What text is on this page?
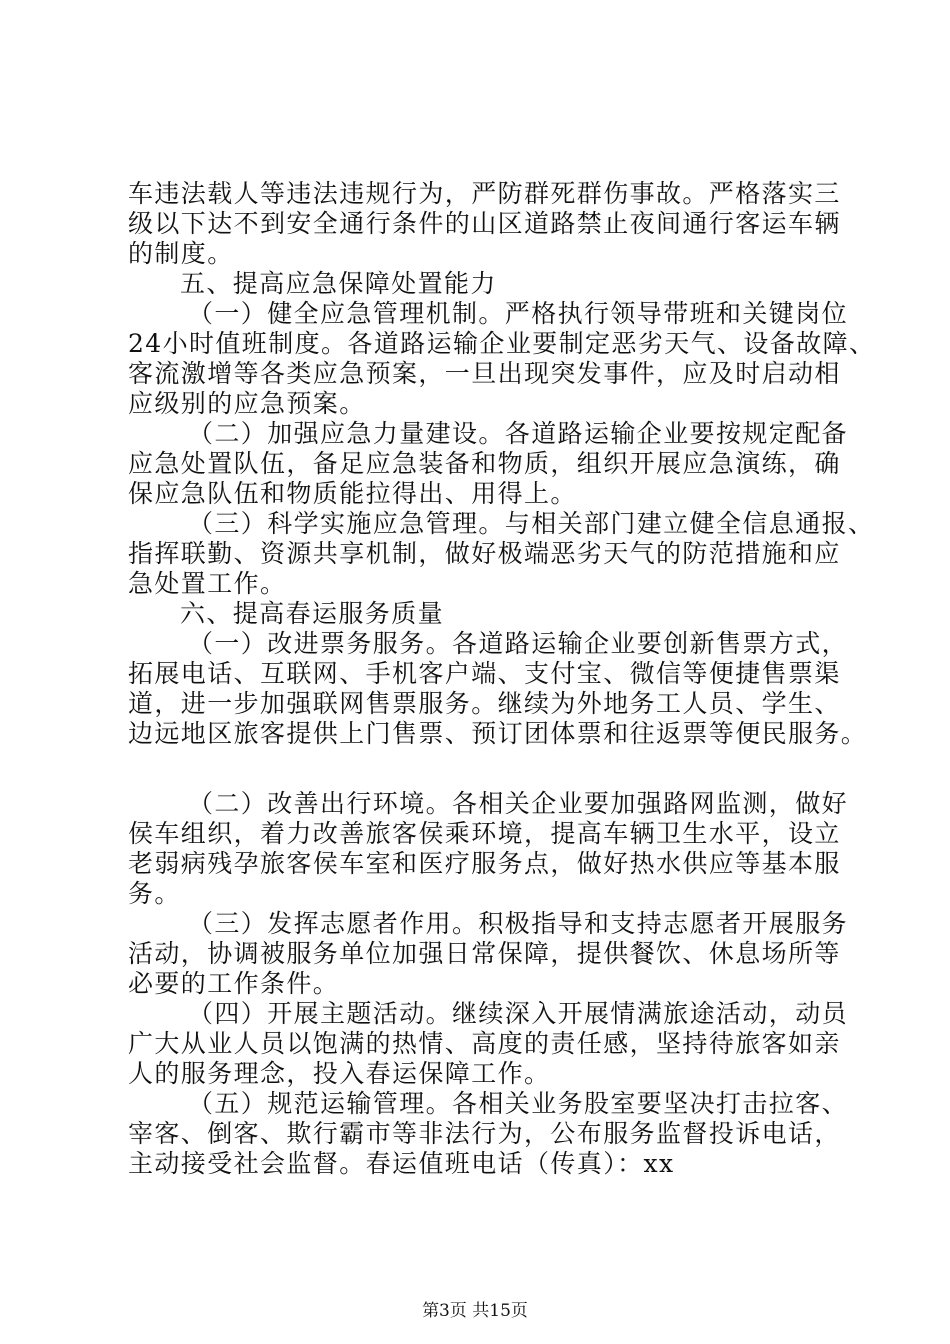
车违法载人等违法违规行为，严防群死群伤事故。严格落实三
级以下达不到安全通行条件的山区道路禁止夜间通行客运车辆
的制度。
五、提高应急保障处置能力
（一）健全应急管理机制。严格执行领导带班和关键岗位
24小时值班制度。各道路运输企业要制定恶劣天气、设备故障、
客流激增等各类应急预案，一旦出现突发事件，应及时启动相
应级别的应急预案。
（二）加强应急力量建设。各道路运输企业要按规定配备
应急处置队伍，备足应急装备和物质，组织开展应急演练，确
保应急队伍和物质能拉得出、用得上。
（三）科学实施应急管理。与相关部门建立健全信息通报、
指挥联勤、资源共享机制，做好极端恶劣天气的防范措施和应
急处置工作。
六、提高春运服务质量
（一）改进票务服务。各道路运输企业要创新售票方式，
拓展电话、互联网、手机客户端、支付宝、微信等便捷售票渠
道，进一步加强联网售票服务。继续为外地务工人员、学生、
边远地区旅客提供上门售票、预订团体票和往返票等便民服务。
（二）改善出行环境。各相关企业要加强路网监测，做好
侯车组织，着力改善旅客侯乘环境，提高车辆卫生水平，设立
老弱病残孕旅客侯车室和医疗服务点，做好热水供应等基本服
务。
（三）发挥志愿者作用。积极指导和支持志愿者开展服务
活动，协调被服务单位加强日常保障，提供餐饮、休息场所等
必要的工作条件。
（四）开展主题活动。继续深入开展情满旅途活动，动员
广大从业人员以饱满的热情、高度的责任感，坚持待旅客如亲
人的服务理念，投入春运保障工作。
（五）规范运输管理。各相关业务股室要坚决打击拉客、
宰客、倒客、欺行霸市等非法行为，公布服务监督投诉电话，
主动接受社会监督。春运值班电话（传真）：xx
第3页 共15页
